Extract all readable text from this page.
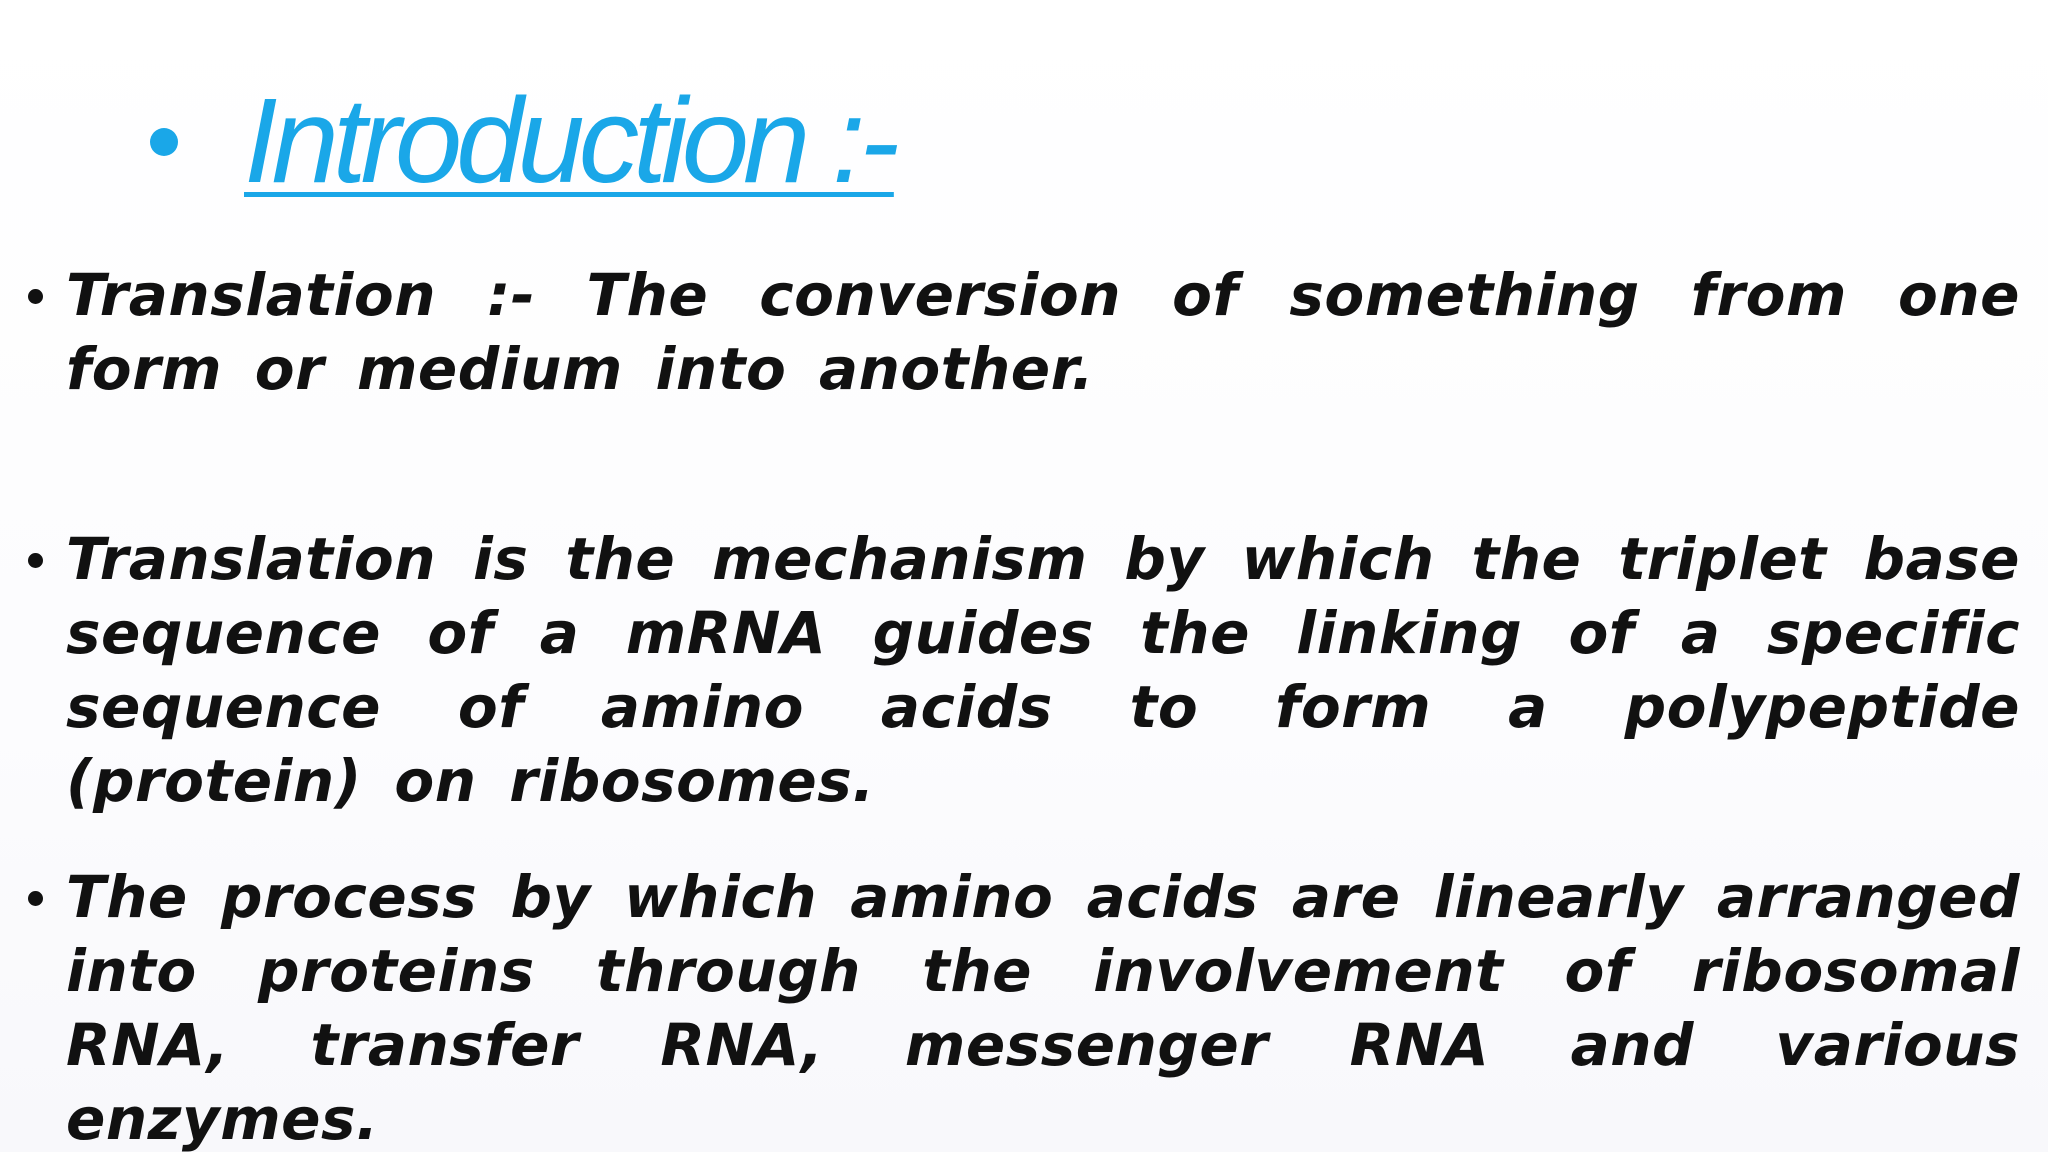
Introduction :-
Translation :- The conversion of something from one form or medium into another.
Translation is the mechanism by which the triplet base sequence of a mRNA guides the linking of a specific sequence of amino acids to form a polypeptide (protein) on ribosomes.
The process by which amino acids are linearly arranged into proteins through the involvement of ribosomal RNA, transfer RNA, messenger RNA and various enzymes.
